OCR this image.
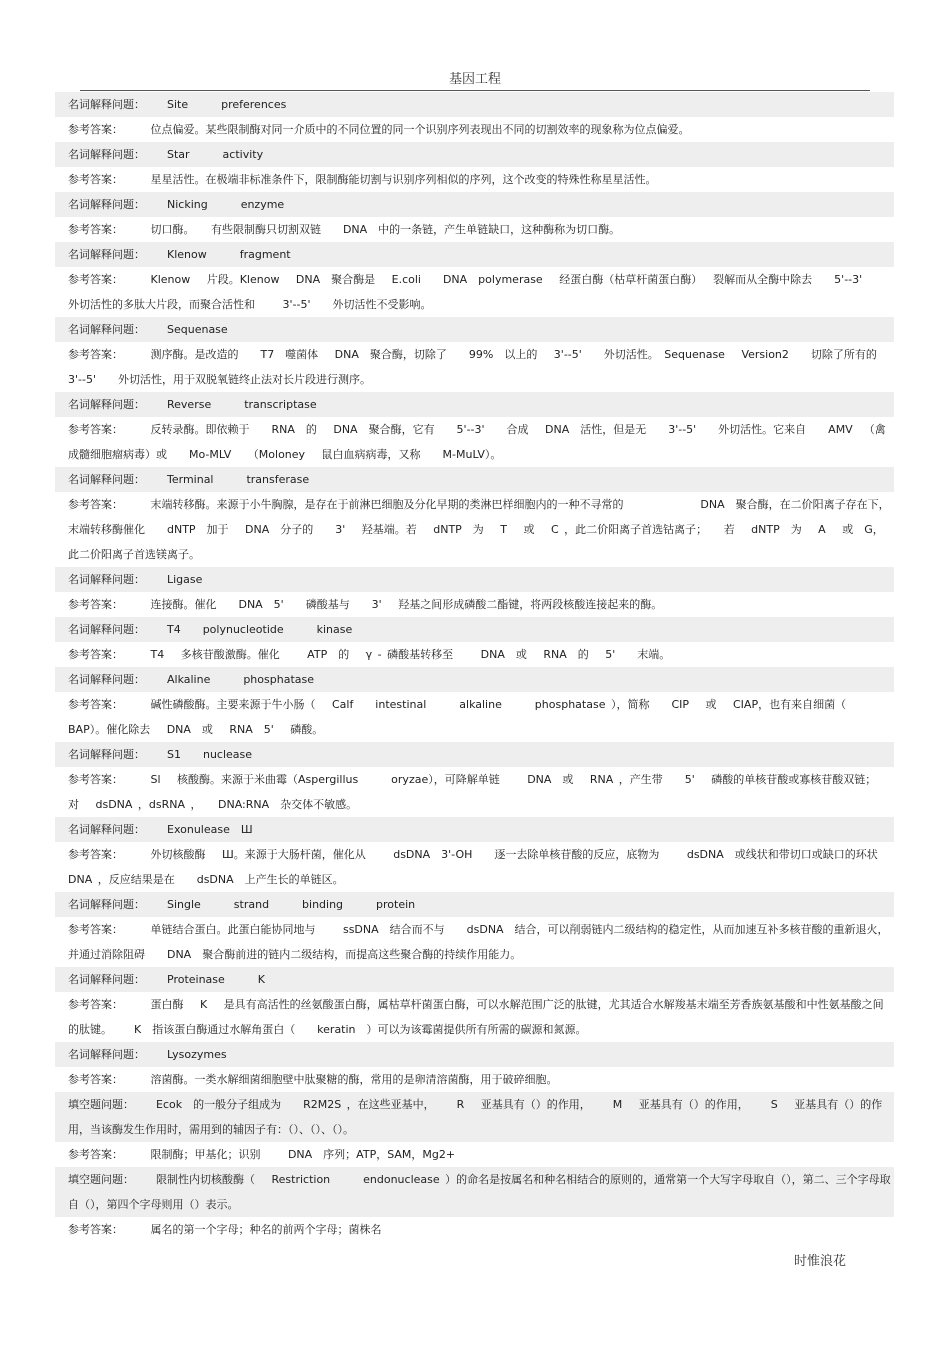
基因工程
名词解释问题： Site      preferences
参考答案： 位点偏爱。某些限制酶对同一介质中的不同位置的同一个识别序列表现出不同的切割效率的现象称为位点偏爱。
名词解释问题： Star      activity
参考答案： 星星活性。在极端非标准条件下，限制酶能切割与识别序列相似的序列，这个改变的特殊性称星星活性。
名词解释问题： Nicking      enzyme
参考答案： 切口酶。   有些限制酶只切割双链    DNA  中的一条链，产生单链缺口，这种酶称为切口酶。
名词解释问题： Klenow      fragment
参考答案： Klenow   片段。Klenow   DNA  聚合酶是   E.coli    DNA  polymerase   经蛋白酶（枯草杆菌蛋白酶）  裂解而从全酶中除去    5'--3'    外切活性的多肽大片段，而聚合活性和     3'--5'    外切活性不受影响。
名词解释问题： Sequenase
参考答案： 测序酶。是改造的    T7  噬菌体   DNA  聚合酶，切除了    99%  以上的   3'--5'    外切活性。 Sequenase   Version2    切除了所有的    3'--5'    外切活性，用于双脱氧链终止法对长片段进行测序。
名词解释问题： Reverse      transcriptase
参考答案： 反转录酶。即依赖于    RNA  的   DNA  聚合酶，它有    5'--3'    合成   DNA  活性，但是无    3'--5'    外切活性。它来自    AMV  （禽成髓细胞瘤病毒）或    Mo-MLV   （Moloney   鼠白血病病毒，又称    M-MuLV）。
名词解释问题： Terminal      transferase
参考答案： 末端转移酶。来源于小牛胸腺，是存在于前淋巴细胞及分化早期的类淋巴样细胞内的一种不寻常的              DNA  聚合酶，在二价阳离子存在下，末端转移酶催化    dNTP  加于   DNA  分子的    3'   羟基端。若   dNTP  为   T   或   C ，此二价阳离子首选钴离子；   若   dNTP  为   A   或  G，此二价阳离子首选镁离子。
名词解释问题： Ligase
参考答案： 连接酶。催化    DNA  5'    磷酸基与    3'   羟基之间形成磷酸二酯键，将两段核酸连接起来的酶。
名词解释问题： T4    polynucleotide      kinase
参考答案： T4   多核苷酸激酶。催化     ATP  的   γ - 磷酸基转移至     DNA  或   RNA  的   5'    末端。
名词解释问题： Alkaline      phosphatase
参考答案： 碱性磷酸酶。主要来源于牛小肠（   Calf    intestinal      alkaline      phosphatase ），简称    CIP   或   CIAP，也有来自细菌（  BAP）。催化除去   DNA  或   RNA  5'   磷酸。
名词解释问题： S1    nuclease
参考答案： Sl   核酸酶。来源于米曲霉（Aspergillus      oryzae），可降解单链     DNA  或   RNA ，产生带    5'   磷酸的单核苷酸或寡核苷酸双链；   对   dsDNA ，dsRNA ，   DNA:RNA  杂交体不敏感。
名词解释问题： Exonulease  Ш
参考答案： 外切核酸酶   Ш。来源于大肠杆菌，催化从     dsDNA  3'-OH    逐一去除单核苷酸的反应，底物为     dsDNA  或线状和带切口或缺口的环状      DNA ，反应结果是在    dsDNA  上产生长的单链区。
名词解释问题： Single      strand      binding      protein
参考答案： 单链结合蛋白。此蛋白能协同地与     ssDNA  结合而不与    dsDNA  结合，可以削弱链内二级结构的稳定性，从而加速互补多核苷酸的重新退火，并通过消除阻碍    DNA  聚合酶前进的链内二级结构，而提高这些聚合酶的持续作用能力。
名词解释问题： Proteinase      K
参考答案： 蛋白酶   K   是具有高活性的丝氨酸蛋白酶，属枯草杆菌蛋白酶，可以水解范围广泛的肽键，尤其适合水解羧基末端至芳香族氨基酸和中性氨基酸之间的肽键。    K  指该蛋白酶通过水解角蛋白（    keratin  ）可以为该霉菌提供所有所需的碳源和氮源。
名词解释问题： Lysozymes
参考答案： 溶菌酶。一类水解细菌细胞壁中肽聚糖的酶，常用的是卵清溶菌酶，用于破碎细胞。
填空题问题： Ecok  的一般分子组成为    R2M2S ，在这些亚基中，    R   亚基具有（）的作用，    M   亚基具有（）的作用，    S   亚基具有（）的作用，当该酶发生作用时，需用到的辅因子有：（）、（）、（）。
参考答案： 限制酶；甲基化；识别     DNA  序列；ATP，SAM，Mg2+
填空题问题： 限制性内切核酸酶（   Restriction      endonuclease ）的命名是按属名和种名相结合的原则的，通常第一个大写字母取自（），第二、三个字母取自（），第四个字母则用（）表示。
参考答案： 属名的第一个字母；种名的前两个字母；菌株名
时惟浪花
